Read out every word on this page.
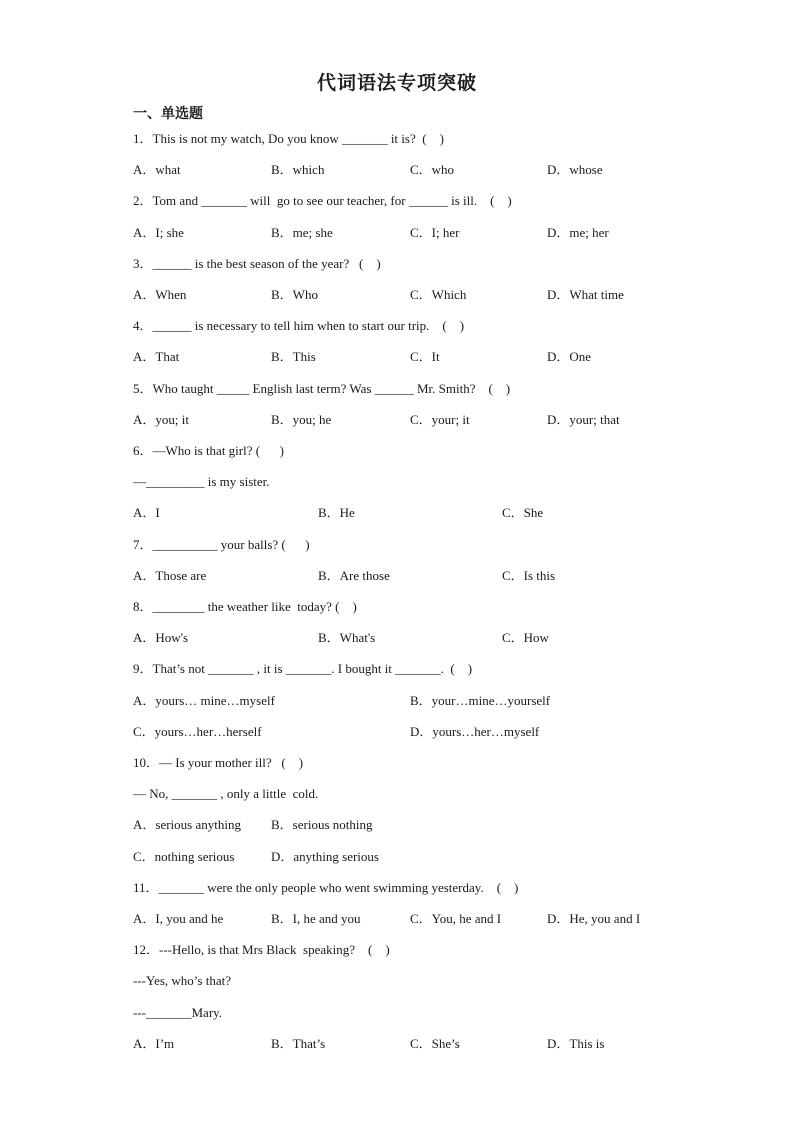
代词语法专项突破
一、单选题
1．This is not my watch, Do you know _______ it is?  (    )
A．what	B．which	C．who	D．whose
2．Tom and _______ will  go to see our teacher, for ______ is ill.    (    )
A．I; she	B．me; she	C．I; her	D．me; her
3．______ is the best season of the year?   (    )
A．When	B．Who	C．Which	D．What time
4．______ is necessary to tell him when to start our trip.    (    )
A．That	B．This	C．It	D．One
5．Who taught _____ English last term? Was ______ Mr. Smith?    (    )
A．you; it	B．you; he	C．your; it	D．your; that
6．—Who is that girl? (      )
—_________ is my sister.
A．I	B．He	C．She
7．__________ your balls? (      )
A．Those are	B．Are those	C．Is this
8．________ the weather like  today? (    )
A．How's	B．What's	C．How
9．That’s not _______ , it is _______. I bought it _______.  (    )
A．yours… mine…myself	B．your…mine…yourself
C．yours…her…herself	D．yours…her…myself
10．— Is your mother ill?   (    )
— No, _______ , only a little  cold.
A．serious anything B．serious nothing
C．nothing serious	D．anything serious
11．_______ were the only people who went swimming yesterday.    (    )
A．I, you and he	B．I, he and you	C．You, he and I	D．He, you and I
12．---Hello, is that Mrs Black  speaking?    (    )
---Yes, who’s that?
---_______Mary.
A．I’m	B．That’s	C．She’s	D．This is
